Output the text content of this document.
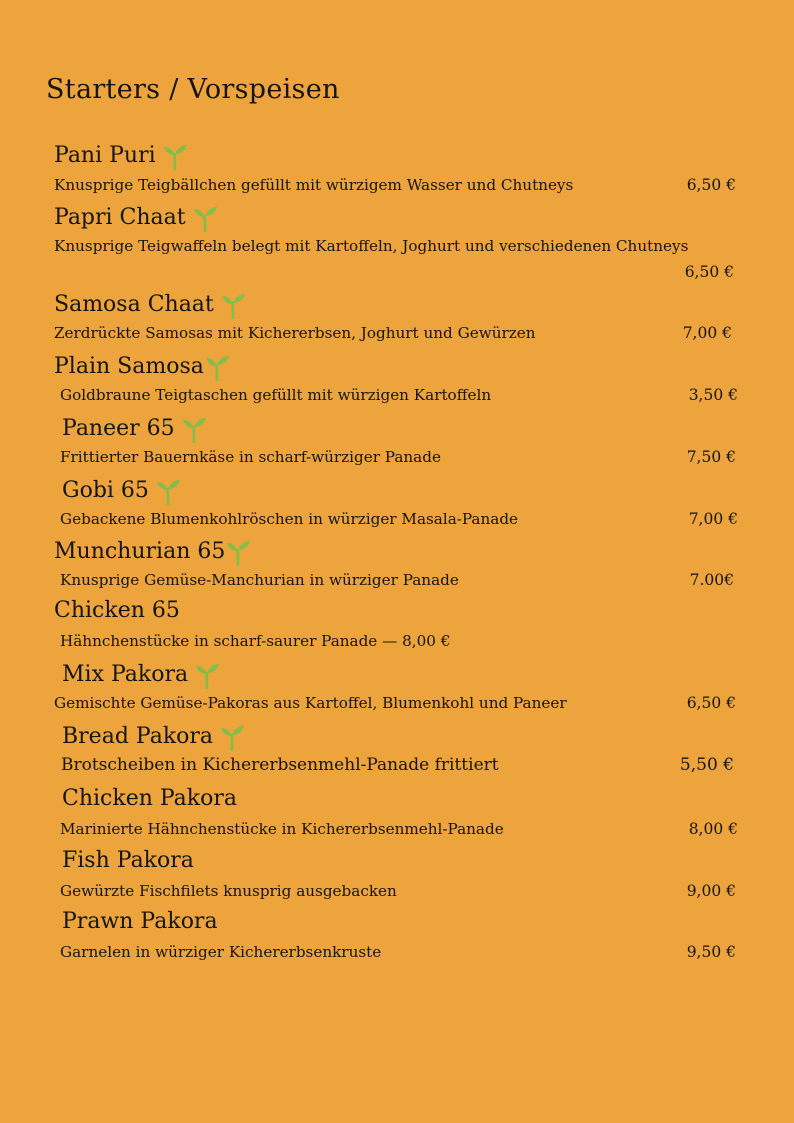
Starters / Vorspeisen
Pani Puri
Knusprige Teigbällchen gefüllt mit würzigem Wasser und Chutneys	6,50 €
Papri Chaat
Knusprige Teigwaffeln belegt mit Kartoffeln, Joghurt und verschiedenen Chutneys
6,50 €
Samosa Chaat
Zerdrückte Samosas mit Kichererbsen, Joghurt und Gewürzen	7,00 €
Plain Samosa
Goldbraune Teigtaschen gefüllt mit würzigen Kartoffeln	3,50 €
Paneer 65
Frittierter Bauernkäse in scharf-würziger Panade	7,50 €
Gobi 65
Gebackene Blumenkohlröschen in würziger Masala-Panade	7,00 €
Munchurian 65
Knusprige Gemüse-Manchurian in würziger Panade	7.00€
Chicken 65
Hähnchenstücke in scharf-saurer Panade — 8,00 €
Mix Pakora
Gemischte Gemüse-Pakoras aus Kartoffel, Blumenkohl und Paneer	6,50 €
Bread Pakora
Brotscheiben in Kichererbsenmehl-Panade frittiert	5,50 €
Chicken Pakora
Marinierte Hähnchenstücke in Kichererbsenmehl-Panade	8,00 €
Fish Pakora
Gewürzte Fischfilets knusprig ausgebacken	9,00 €
Prawn Pakora
Garnelen in würziger Kichererbsenkruste	9,50 €
